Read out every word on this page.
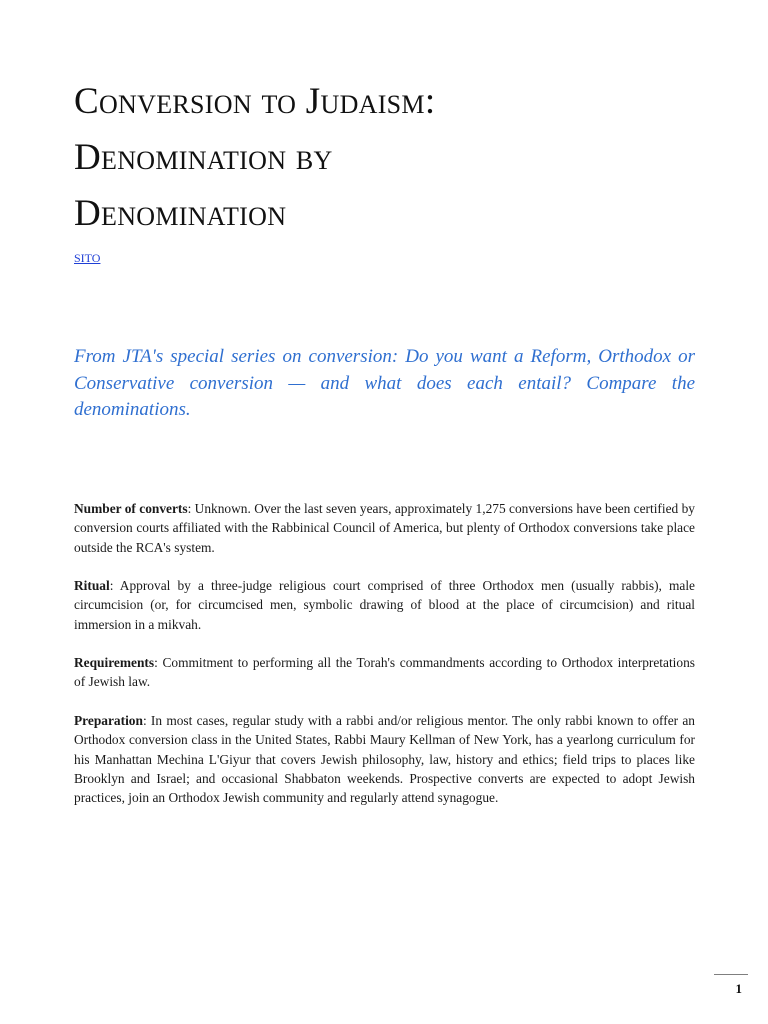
Conversion to Judaism:
Denomination by
Denomination
SITO

From JTA's special series on conversion: Do you want a Reform, Orthodox or Conservative conversion — and what does each entail? Compare the denominations.

Number of converts: Unknown. Over the last seven years, approximately 1,275 conversions have been certified by conversion courts affiliated with the Rabbinical Council of America, but plenty of Orthodox conversions take place outside the RCA's system.

Ritual: Approval by a three-judge religious court comprised of three Orthodox men (usually rabbis), male circumcision (or, for circumcised men, symbolic drawing of blood at the place of circumcision) and ritual immersion in a mikvah.

Requirements: Commitment to performing all the Torah's commandments according to Orthodox interpretations of Jewish law.

Preparation: In most cases, regular study with a rabbi and/or religious mentor. The only rabbi known to offer an Orthodox conversion class in the United States, Rabbi Maury Kellman of New York, has a yearlong curriculum for his Manhattan Mechina L'Giyur that covers Jewish philosophy, law, history and ethics; field trips to places like Brooklyn and Israel; and occasional Shabbaton weekends. Prospective converts are expected to adopt Jewish practices, join an Orthodox Jewish community and regularly attend synagogue.

1
